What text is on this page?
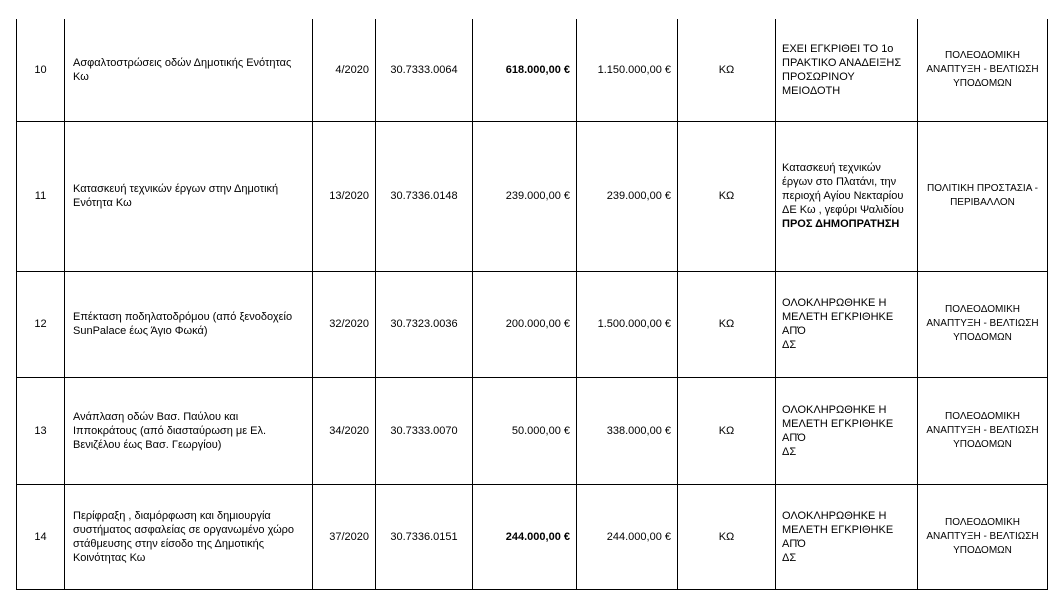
10	Ασφαλτοστρώσεις οδών Δημοτικής Ενότητας Κω	4/2020	30.7333.0064	618.000,00 €	1.150.000,00 €	ΚΩ	ΕΧΕΙ ΕΓΚΡΙΘΕΙ ΤΟ 1ο
ΠΡΑΚΤΙΚΟ ΑΝΑΔΕΙΞΗΣ
ΠΡΟΣΩΡΙΝΟΥ ΜΕΙΟΔΟΤΗ	ΠΟΛΕΟΔΟΜΙΚΗ
ΑΝΑΠΤΥΞΗ - ΒΕΛΤΙΩΣΗ
ΥΠΟΔΟΜΩΝ

11	Κατασκευή τεχνικών έργων στην Δημοτική Ενότητα Κω	13/2020	30.7336.0148	239.000,00 €	239.000,00 €	ΚΩ	Κατασκευή τεχνικών
έργων στο Πλατάνι, την
περιοχή Αγίου Νεκταρίου
ΔΕ Κω , γεφύρι Ψαλιδίου
ΠΡΟΣ ΔΗΜΟΠΡΑΤΗΣΗ	ΠΟΛΙΤΙΚΗ ΠΡΟΣΤΑΣΙΑ -
ΠΕΡΙΒΑΛΛΟΝ

12	Επέκταση ποδηλατοδρόμου (από ξενοδοχείο SunPalace έως Άγιο Φωκά)	32/2020	30.7323.0036	200.000,00 €	1.500.000,00 €	ΚΩ	ΟΛΟΚΛΗΡΩΘΗΚΕ Η
ΜΕΛΕΤΗ ΕΓΚΡΙΘΗΚΕ ΑΠΌ
ΔΣ	ΠΟΛΕΟΔΟΜΙΚΗ
ΑΝΑΠΤΥΞΗ - ΒΕΛΤΙΩΣΗ
ΥΠΟΔΟΜΩΝ

13	Ανάπλαση οδών Βασ. Παύλου και Ιπποκράτους (από διασταύρωση με Ελ. Βενιζέλου έως Βασ. Γεωργίου)	34/2020	30.7333.0070	50.000,00 €	338.000,00 €	ΚΩ	ΟΛΟΚΛΗΡΩΘΗΚΕ Η
ΜΕΛΕΤΗ ΕΓΚΡΙΘΗΚΕ ΑΠΌ
ΔΣ	ΠΟΛΕΟΔΟΜΙΚΗ
ΑΝΑΠΤΥΞΗ - ΒΕΛΤΙΩΣΗ
ΥΠΟΔΟΜΩΝ

14	Περίφραξη , διαμόρφωση και δημιουργία συστήματος ασφαλείας σε οργανωμένο χώρο στάθμευσης στην είσοδο της Δημοτικής Κοινότητας Κω	37/2020	30.7336.0151	244.000,00 €	244.000,00 €	ΚΩ	ΟΛΟΚΛΗΡΩΘΗΚΕ Η
ΜΕΛΕΤΗ ΕΓΚΡΙΘΗΚΕ ΑΠΌ
ΔΣ	ΠΟΛΕΟΔΟΜΙΚΗ
ΑΝΑΠΤΥΞΗ - ΒΕΛΤΙΩΣΗ
ΥΠΟΔΟΜΩΝ
